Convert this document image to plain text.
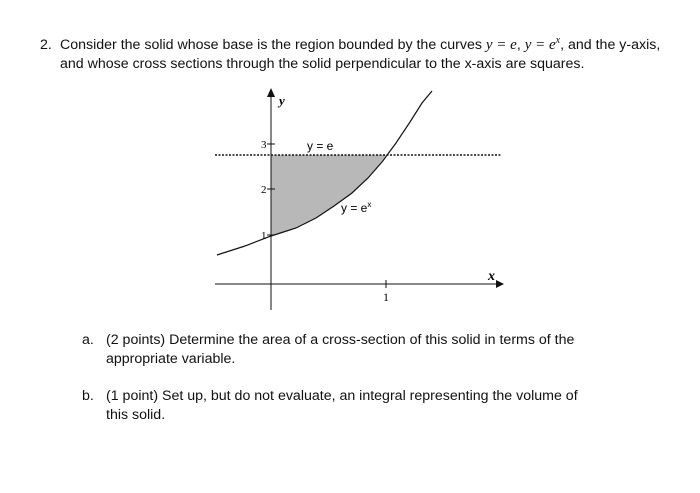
2. Consider the solid whose base is the region bounded by the curves y = e, $y = e^x$, and the y-axis, and whose cross sections through the solid perpendicular to the x-axis are squares.
y
x
3
2
1
1
y = e
$y = e^x$
a. (2 points) Determine the area of a cross-section of this solid in terms of the appropriate variable.
b. (1 point) Set up, but do not evaluate, an integral representing the volume of this solid.
